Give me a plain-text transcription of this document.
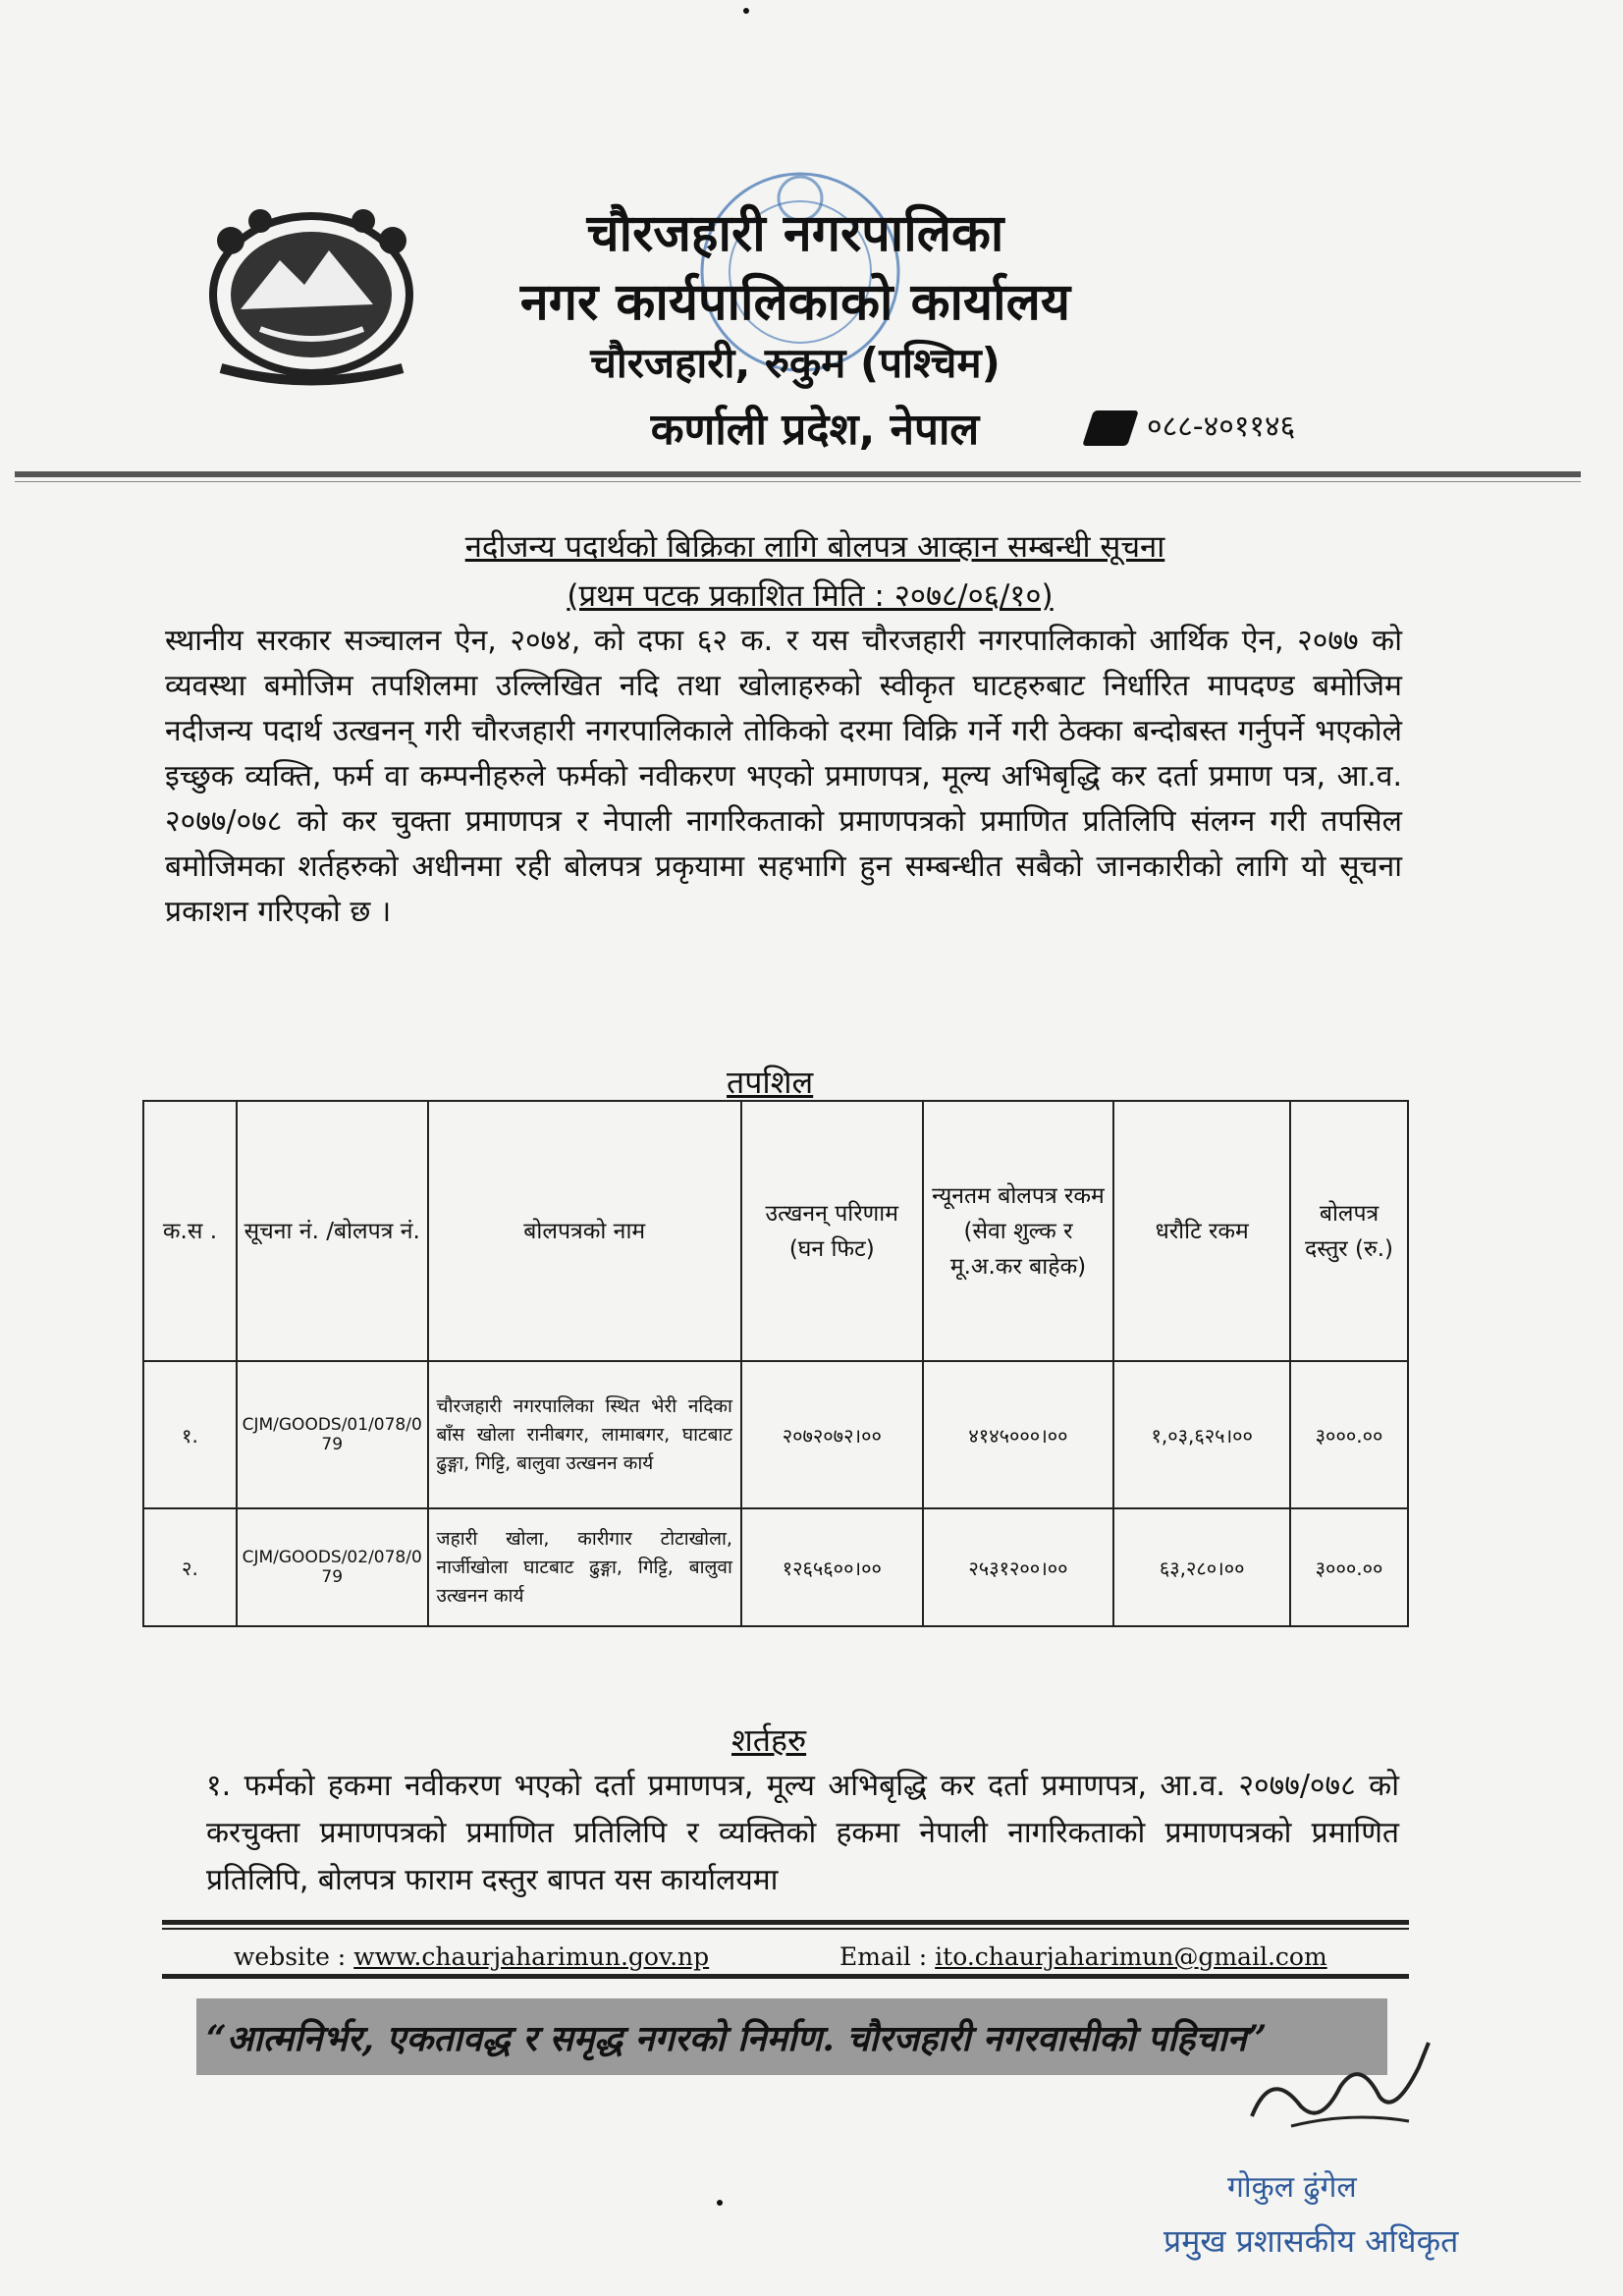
चौरजहारी नगरपालिका
नगर कार्यपालिकाको कार्यालय
चौरजहारी, रुकुम (पश्चिम)
कर्णाली प्रदेश, नेपाल	०८८-४०११४६
नदीजन्य पदार्थको बिक्रिका लागि बोलपत्र आव्हान सम्बन्धी सूचना
(प्रथम पटक प्रकाशित मिति : २०७८/०६/१०)
स्थानीय सरकार सञ्चालन ऐन, २०७४, को दफा ६२ क. र यस चौरजहारी नगरपालिकाको आर्थिक ऐन, २०७७ को व्यवस्था बमोजिम तपशिलमा उल्लिखित नदि तथा खोलाहरुको स्वीकृत घाटहरुबाट निर्धारित मापदण्ड बमोजिम नदीजन्य पदार्थ उत्खनन् गरी चौरजहारी नगरपालिकाले तोकिको दरमा विक्रि गर्ने गरी ठेक्का बन्दोबस्त गर्नुपर्ने भएकोले इच्छुक व्यक्ति, फर्म वा कम्पनीहरुले फर्मको नवीकरण भएको प्रमाणपत्र, मूल्य अभिबृद्धि कर दर्ता प्रमाण पत्र, आ.व. २०७७/०७८ को कर चुक्ता प्रमाणपत्र र नेपाली नागरिकताको प्रमाणपत्रको प्रमाणित प्रतिलिपि संलग्न गरी तपसिल बमोजिमका शर्तहरुको अधीनमा रही बोलपत्र प्रकृयामा सहभागि हुन सम्बन्धीत सबैको जानकारीको लागि यो सूचना प्रकाशन गरिएको छ ।
तपशिल
क.स .	सूचना नं. /बोलपत्र नं.	बोलपत्रको नाम	उत्खनन् परिणाम (घन फिट)	न्यूनतम बोलपत्र रकम (सेवा शुल्क र मू.अ.कर बाहेक)	धरौटि रकम	बोलपत्र दस्तुर (रु.)
१.	CJM/GOODS/01/078/079	चौरजहारी नगरपालिका स्थित भेरी नदिका बाँस खोला रानीबगर, लामाबगर, घाटबाट ढुङ्गा, गिट्टि, बालुवा उत्खनन कार्य	२०७२०७२।००	४१४५०००।००	१,०३,६२५।००	३०००.००
२.	CJM/GOODS/02/078/079	जहारी खोला, कारीगार टोटाखोला, नार्जीखोला घाटबाट ढुङ्गा, गिट्टि, बालुवा उत्खनन कार्य	१२६५६००।००	२५३१२००।००	६३,२८०।००	३०००.००
शर्तहरु
१. फर्मको हकमा नवीकरण भएको दर्ता प्रमाणपत्र, मूल्य अभिबृद्धि कर दर्ता प्रमाणपत्र, आ.व. २०७७/०७८ को करचुक्ता प्रमाणपत्रको प्रमाणित प्रतिलिपि र व्यक्तिको हकमा नेपाली नागरिकताको प्रमाणपत्रको प्रमाणित प्रतिलिपि, बोलपत्र फाराम दस्तुर बापत यस कार्यालयमा
website : www.chaurjaharimun.gov.np	Email : ito.chaurjaharimun@gmail.com
“आत्मनिर्भर, एकतावद्ध र समृद्ध नगरको निर्माण. चौरजहारी नगरवासीको पहिचान”
गोकुल ढुंगेल
प्रमुख प्रशासकीय अधिकृत
